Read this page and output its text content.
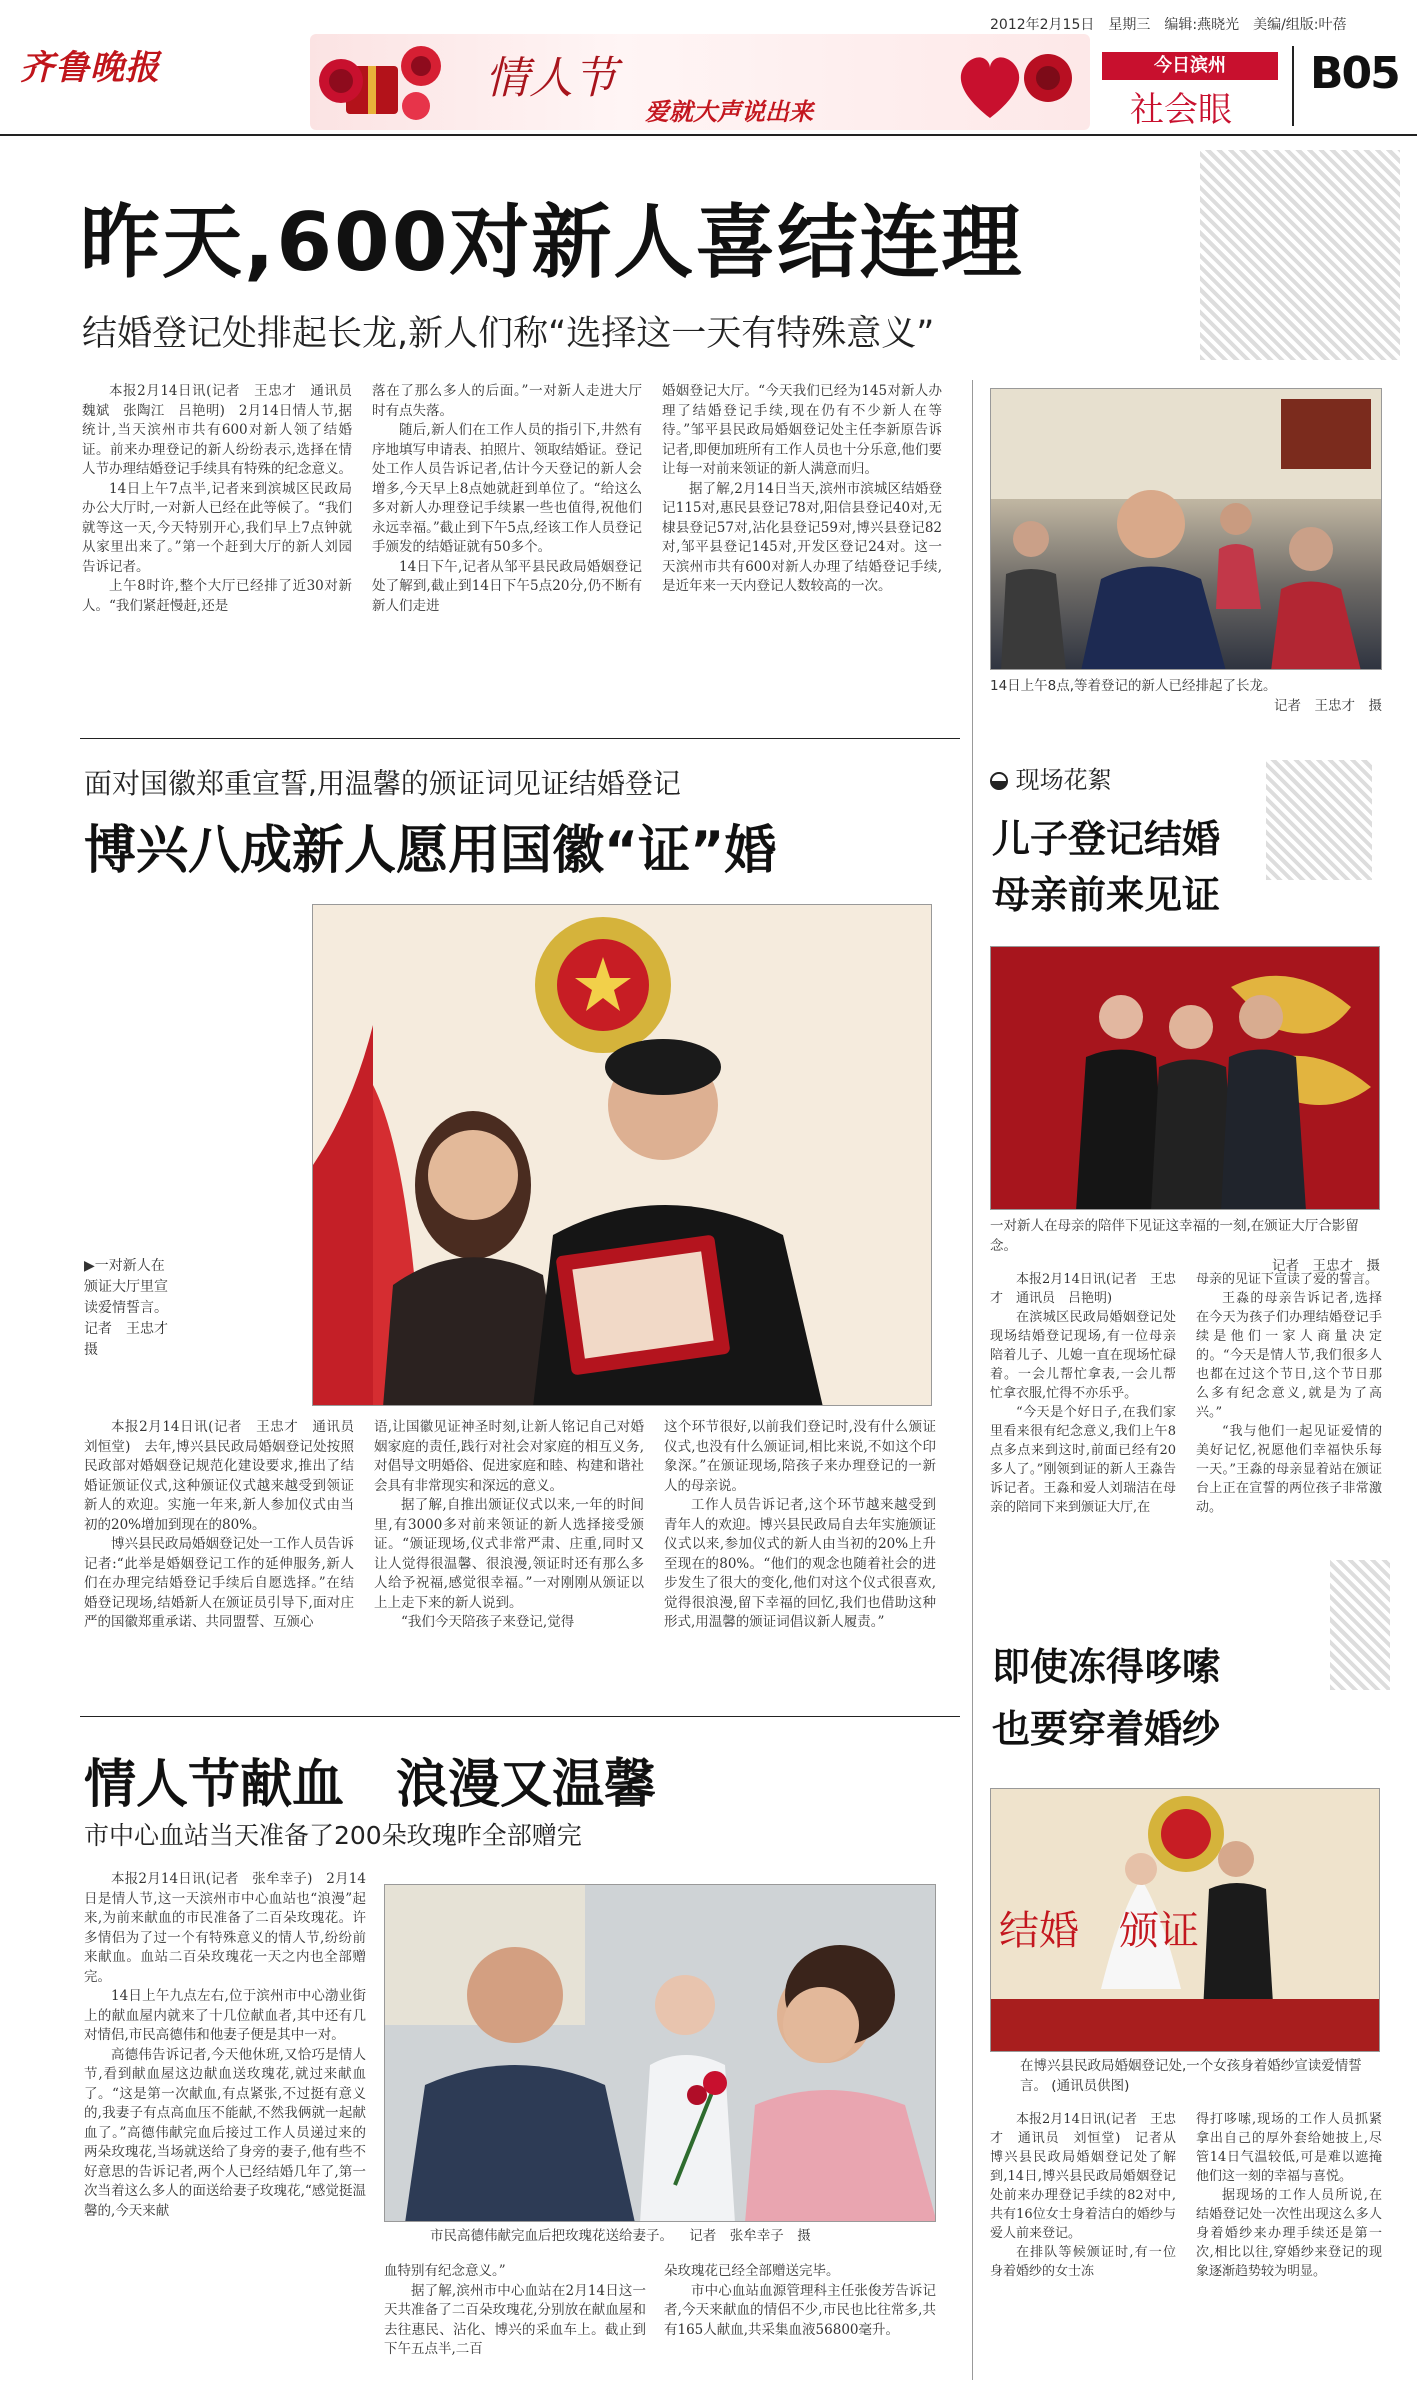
齐鲁晚报	情人节
爱就大声说出来
2012年2月15日　星期三　编辑:燕晓光　美编/组版:叶蓓
今日滨州
社会眼
B05
昨天,600对新人喜结连理
结婚登记处排起长龙,新人们称“选择这一天有特殊意义”

本报2月14日讯(记者　王忠才　通讯员　魏斌　张陶江　吕艳明)　2月14日情人节,据统计,当天滨州市共有600对新人领了结婚证。前来办理登记的新人纷纷表示,选择在情人节办理结婚登记手续具有特殊的纪念意义。

14日上午7点半,记者来到滨城区民政局办公大厅时,一对新人已经在此等候了。“我们就等这一天,今天特别开心,我们早上7点钟就从家里出来了。”第一个赶到大厅的新人刘园告诉记者。

上午8时许,整个大厅已经排了近30对新人。“我们紧赶慢赶,还是

落在了那么多人的后面。”一对新人走进大厅时有点失落。

随后,新人们在工作人员的指引下,井然有序地填写申请表、拍照片、领取结婚证。登记处工作人员告诉记者,估计今天登记的新人会增多,今天早上8点她就赶到单位了。“给这么多对新人办理登记手续累一些也值得,祝他们永远幸福。”截止到下午5点,经该工作人员登记手颁发的结婚证就有50多个。

14日下午,记者从邹平县民政局婚姻登记处了解到,截止到14日下午5点20分,仍不断有新人们走进

婚姻登记大厅。“今天我们已经为145对新人办理了结婚登记手续,现在仍有不少新人在等待。”邹平县民政局婚姻登记处主任李新原告诉记者,即便加班所有工作人员也十分乐意,他们要让每一对前来领证的新人满意而归。

据了解,2月14日当天,滨州市滨城区结婚登记115对,惠民县登记78对,阳信县登记40对,无棣县登记57对,沾化县登记59对,博兴县登记82对,邹平县登记145对,开发区登记24对。这一天滨州市共有600对新人办理了结婚登记手续,是近年来一天内登记人数较高的一次。

14日上午8点,等着登记的新人已经排起了长龙。
记者　王忠才　摄
面对国徽郑重宣誓,用温馨的颁证词见证结婚登记
博兴八成新人愿用国徽“证”婚
▶一对新人在颁证大厅里宣读爱情誓言。记者　王忠才　摄

本报2月14日讯(记者　王忠才　通讯员　刘恒堂)　去年,博兴县民政局婚姻登记处按照民政部对婚姻登记规范化建设要求,推出了结婚证颁证仪式,这种颁证仪式越来越受到领证新人的欢迎。实施一年来,新人参加仪式由当初的20%增加到现在的80%。

博兴县民政局婚姻登记处一工作人员告诉记者:“此举是婚姻登记工作的延伸服务,新人们在办理完结婚登记手续后自愿选择。”在结婚登记现场,结婚新人在颁证员引导下,面对庄严的国徽郑重承诺、共同盟誓、互颁心

语,让国徽见证神圣时刻,让新人铭记自己对婚姻家庭的责任,践行对社会对家庭的相互义务,对倡导文明婚俗、促进家庭和睦、构建和谐社会具有非常现实和深远的意义。

据了解,自推出颁证仪式以来,一年的时间里,有3000多对前来领证的新人选择接受颁证。“颁证现场,仪式非常严肃、庄重,同时又让人觉得很温馨、很浪漫,领证时还有那么多人给予祝福,感觉很幸福。”一对刚刚从颁证以上上走下来的新人说到。

“我们今天陪孩子来登记,觉得

这个环节很好,以前我们登记时,没有什么颁证仪式,也没有什么颁证词,相比来说,不如这个印象深。”在颁证现场,陪孩子来办理登记的一新人的母亲说。

工作人员告诉记者,这个环节越来越受到青年人的欢迎。博兴县民政局自去年实施颁证仪式以来,参加仪式的新人由当初的20%上升至现在的80%。“他们的观念也随着社会的进步发生了很大的变化,他们对这个仪式很喜欢,觉得很浪漫,留下幸福的回忆,我们也借助这种形式,用温馨的颁证词倡议新人履责。”

情人节献血　浪漫又温馨
市中心血站当天准备了200朵玫瑰昨全部赠完

本报2月14日讯(记者　张牟幸子)　2月14日是情人节,这一天滨州市中心血站也“浪漫”起来,为前来献血的市民准备了二百朵玫瑰花。许多情侣为了过一个有特殊意义的情人节,纷纷前来献血。血站二百朵玫瑰花一天之内也全部赠完。

14日上午九点左右,位于滨州市中心渤业街上的献血屋内就来了十几位献血者,其中还有几对情侣,市民高德伟和他妻子便是其中一对。

高德伟告诉记者,今天他休班,又恰巧是情人节,看到献血屋这边献血送玫瑰花,就过来献血了。“这是第一次献血,有点紧张,不过挺有意义的,我妻子有点高血压不能献,不然我俩就一起献血了。”高德伟献完血后接过工作人员递过来的两朵玫瑰花,当场就送给了身旁的妻子,他有些不好意思的告诉记者,两个人已经结婚几年了,第一次当着这么多人的面送给妻子玫瑰花,“感觉挺温馨的,今天来献

市民高德伟献完血后把玫瑰花送给妻子。 记者　张牟幸子　摄

血特别有纪念意义。”

据了解,滨州市中心血站在2月14日这一天共准备了二百朵玫瑰花,分别放在献血屋和去往惠民、沾化、博兴的采血车上。截止到下午五点半,二百

朵玫瑰花已经全部赠送完毕。

市中心血站血源管理科主任张俊芳告诉记者,今天来献血的情侣不少,市民也比往常多,共有165人献血,共采集血液56800毫升。

现场花絮
儿子登记结婚
母亲前来见证
一对新人在母亲的陪伴下见证这幸福的一刻,在颁证大厅合影留念。
记者　王忠才　摄

本报2月14日讯(记者　王忠才　通讯员　吕艳明)

在滨城区民政局婚姻登记处现场结婚登记现场,有一位母亲陪着儿子、儿媳一直在现场忙碌着。一会儿帮忙拿表,一会儿帮忙拿衣服,忙得不亦乐乎。

“今天是个好日子,在我们家里看来很有纪念意义,我们上午8点多点来到这时,前面已经有20多人了。”刚领到证的新人王淼告诉记者。王淼和爱人刘瑞洁在母亲的陪同下来到颁证大厅,在

母亲的见证下宣读了爱的誓言。

王淼的母亲告诉记者,选择在今天为孩子们办理结婚登记手续是他们一家人商量决定的。“今天是情人节,我们很多人也都在过这个节日,这个节日那么多有纪念意义,就是为了高兴。”

“我与他们一起见证爱情的美好记忆,祝愿他们幸福快乐每一天。”王淼的母亲显着站在颁证台上正在宣誓的两位孩子非常激动。

即使冻得哆嗦
也要穿着婚纱
结婚　颁证
在博兴县民政局婚姻登记处,一个女孩身着婚纱宣读爱情誓言。 (通讯员供图)

本报2月14日讯(记者　王忠才　通讯员　刘恒堂)　记者从博兴县民政局婚姻登记处了解到,14日,博兴县民政局婚姻登记处前来办理登记手续的82对中,共有16位女士身着洁白的婚纱与爱人前来登记。

在排队等候颁证时,有一位身着婚纱的女士冻

得打哆嗦,现场的工作人员抓紧拿出自己的厚外套给她披上,尽管14日气温较低,可是难以遮掩他们这一刻的幸福与喜悦。

据现场的工作人员所说,在结婚登记处一次性出现这么多人身着婚纱来办理手续还是第一次,相比以往,穿婚纱来登记的现象逐渐趋势较为明显。
